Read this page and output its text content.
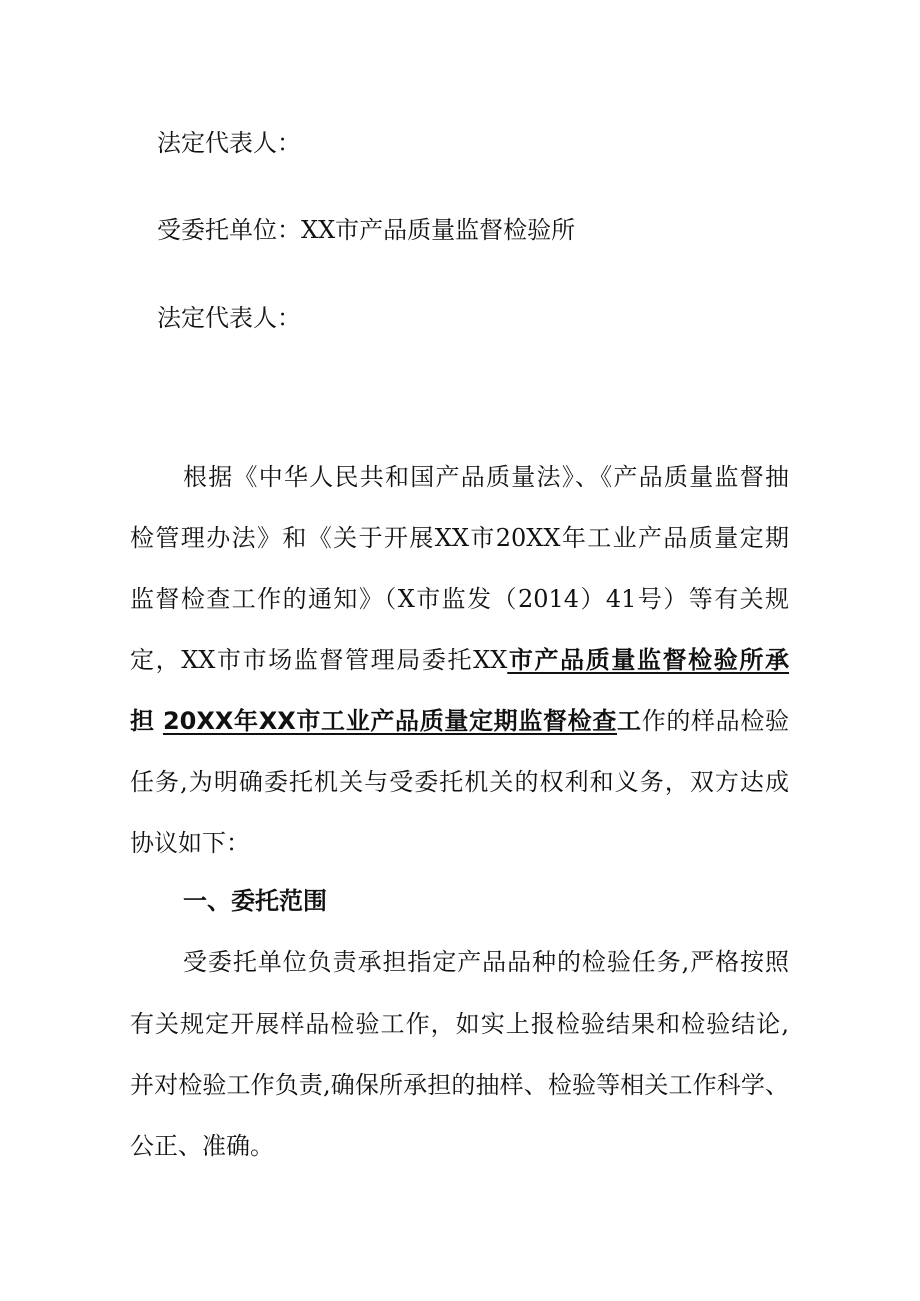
法定代表人：
受委托单位：XX市产品质量监督检验所
法定代表人：
根据《中华人民共和国产品质量法》、《产品质量监督抽
检管理办法》和《关于开展XX市20XX年工业产品质量定期
监督检查工作的通知》（X市监发（2014）41号）等有关规
定，XX市市场监督管理局委托XX市产品质量监督检验所承
担 20XX年XX市工业产品质量定期监督检查工作的样品检验
任务,为明确委托机关与受委托机关的权利和义务，双方达成
协议如下：
一、委托范围
受委托单位负责承担指定产品品种的检验任务,严格按照
有关规定开展样品检验工作，如实上报检验结果和检验结论,
并对检验工作负责,确保所承担的抽样、检验等相关工作科学、
公正、准确。
